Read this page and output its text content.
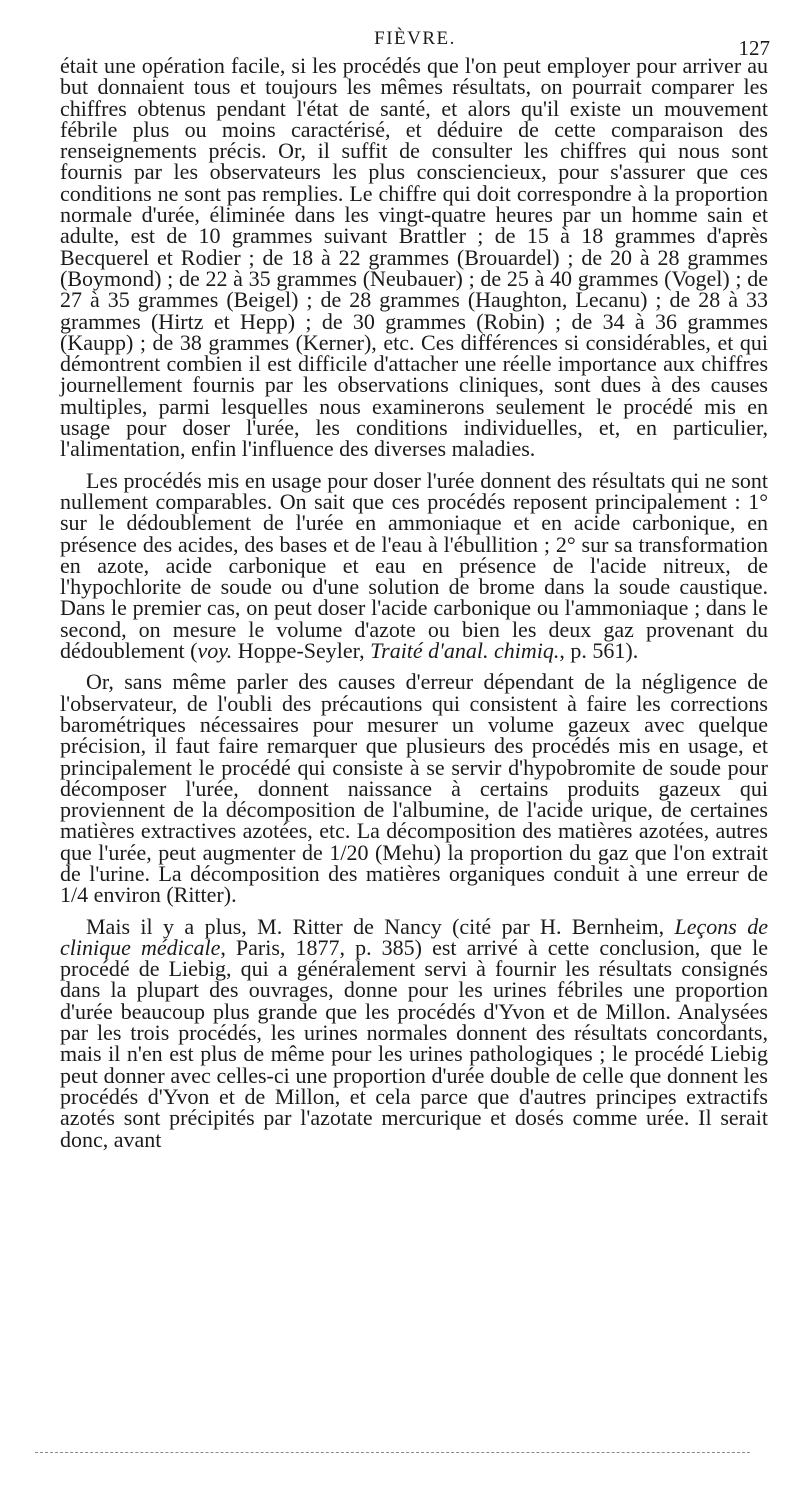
FIÈVRE.	127

était une opération facile, si les procédés que l'on peut employer pour arriver au but donnaient tous et toujours les mêmes résultats, on pourrait comparer les chiffres obtenus pendant l'état de santé, et alors qu'il existe un mouvement fébrile plus ou moins caractérisé, et déduire de cette comparaison des renseignements précis. Or, il suffit de consulter les chiffres qui nous sont fournis par les observateurs les plus consciencieux, pour s'assurer que ces conditions ne sont pas remplies. Le chiffre qui doit correspondre à la proportion normale d'urée, éliminée dans les vingt-quatre heures par un homme sain et adulte, est de 10 grammes suivant Brattler ; de 15 à 18 grammes d'après Becquerel et Rodier ; de 18 à 22 grammes (Brouardel) ; de 20 à 28 grammes (Boymond) ; de 22 à 35 grammes (Neubauer) ; de 25 à 40 grammes (Vogel) ; de 27 à 35 grammes (Beigel) ; de 28 grammes (Haughton, Lecanu) ; de 28 à 33 grammes (Hirtz et Hepp) ; de 30 grammes (Robin) ; de 34 à 36 grammes (Kaupp) ; de 38 grammes (Kerner), etc. Ces différences si considérables, et qui démontrent combien il est difficile d'attacher une réelle importance aux chiffres journellement fournis par les observations cliniques, sont dues à des causes multiples, parmi lesquelles nous examinerons seulement le procédé mis en usage pour doser l'urée, les conditions individuelles, et, en particulier, l'alimentation, enfin l'influence des diverses maladies.

Les procédés mis en usage pour doser l'urée donnent des résultats qui ne sont nullement comparables. On sait que ces procédés reposent principalement : 1° sur le dédoublement de l'urée en ammoniaque et en acide carbonique, en présence des acides, des bases et de l'eau à l'ébullition ; 2° sur sa transformation en azote, acide carbonique et eau en présence de l'acide nitreux, de l'hypochlorite de soude ou d'une solution de brome dans la soude caustique. Dans le premier cas, on peut doser l'acide carbonique ou l'ammoniaque ; dans le second, on mesure le volume d'azote ou bien les deux gaz provenant du dédoublement (voy. Hoppe-Seyler, Traité d'anal. chimiq., p. 561).

Or, sans même parler des causes d'erreur dépendant de la négligence de l'observateur, de l'oubli des précautions qui consistent à faire les corrections barométriques nécessaires pour mesurer un volume gazeux avec quelque précision, il faut faire remarquer que plusieurs des procédés mis en usage, et principalement le procédé qui consiste à se servir d'hypobromite de soude pour décomposer l'urée, donnent naissance à certains produits gazeux qui proviennent de la décomposition de l'albumine, de l'acide urique, de certaines matières extractives azotées, etc. La décomposition des matières azotées, autres que l'urée, peut augmenter de 1/20 (Mehu) la proportion du gaz que l'on extrait de l'urine. La décomposition des matières organiques conduit à une erreur de 1/4 environ (Ritter).

Mais il y a plus, M. Ritter de Nancy (cité par H. Bernheim, Leçons de clinique médicale, Paris, 1877, p. 385) est arrivé à cette conclusion, que le procédé de Liebig, qui a généralement servi à fournir les résultats consignés dans la plupart des ouvrages, donne pour les urines fébriles une proportion d'urée beaucoup plus grande que les procédés d'Yvon et de Millon. Analysées par les trois procédés, les urines normales donnent des résultats concordants, mais il n'en est plus de même pour les urines pathologiques ; le procédé Liebig peut donner avec celles-ci une proportion d'urée double de celle que donnent les procédés d'Yvon et de Millon, et cela parce que d'autres principes extractifs azotés sont précipités par l'azotate mercurique et dosés comme urée. Il serait donc, avant
